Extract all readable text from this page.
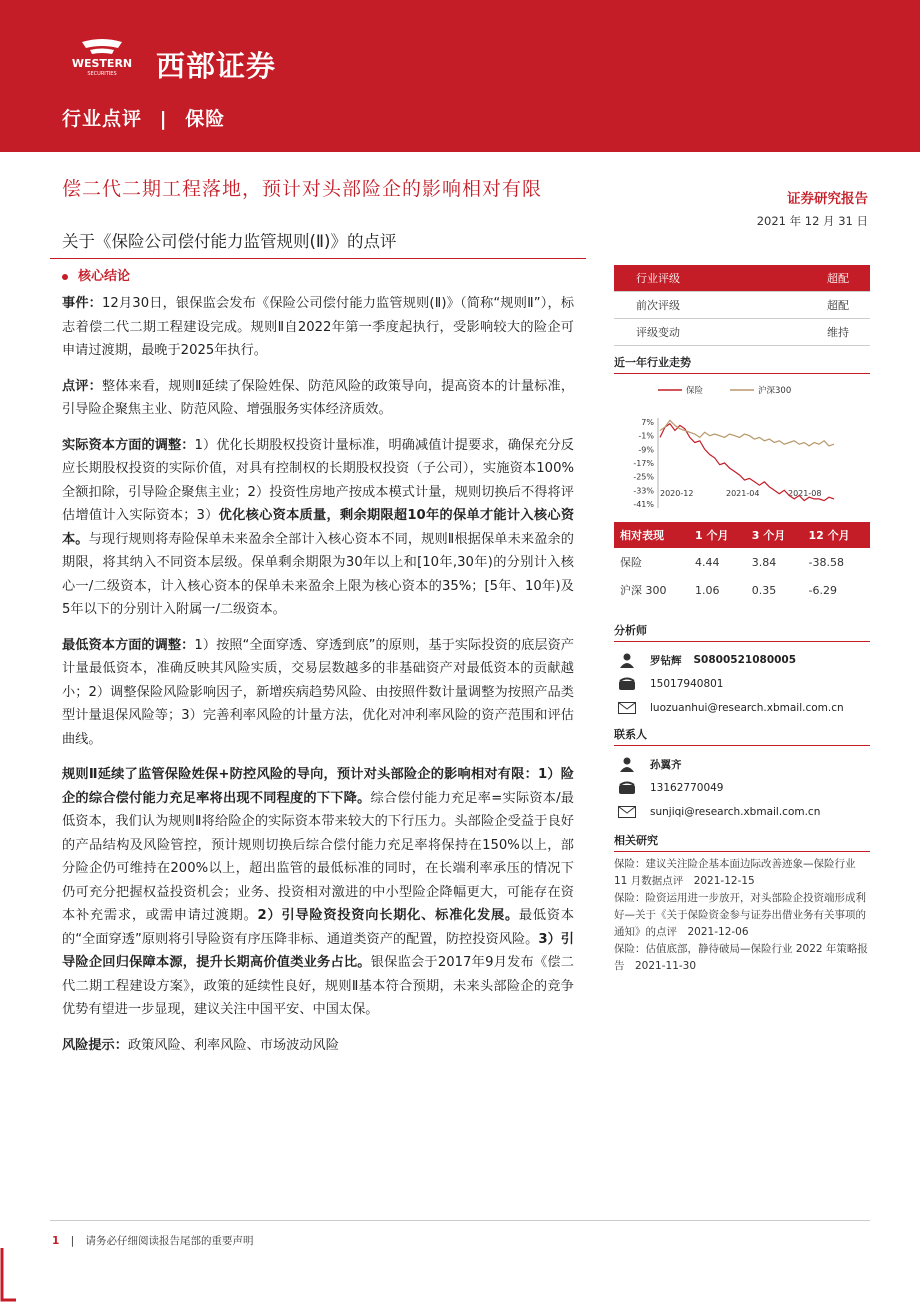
WESTERN
SECURITIES 西部证券
行业点评 | 保险
偿二代二期工程落地，预计对头部险企的影响相对有限
关于《保险公司偿付能力监管规则(Ⅱ)》的点评
证券研究报告
2021 年 12 月 31 日
核心结论

事件：12月30日，银保监会发布《保险公司偿付能力监管规则(Ⅱ)》（简称“规则Ⅱ”），标志着偿二代二期工程建设完成。规则Ⅱ自2022年第一季度起执行，受影响较大的险企可申请过渡期，最晚于2025年执行。

点评：整体来看，规则Ⅱ延续了保险姓保、防范风险的政策导向，提高资本的计量标准，引导险企聚焦主业、防范风险、增强服务实体经济质效。

实际资本方面的调整：1）优化长期股权投资计量标准，明确减值计提要求，确保充分反应长期股权投资的实际价值，对具有控制权的长期股权投资（子公司），实施资本100%全额扣除，引导险企聚焦主业；2）投资性房地产按成本模式计量，规则切换后不得将评估增值计入实际资本；3）优化核心资本质量，剩余期限超10年的保单才能计入核心资本。与现行规则将寿险保单未来盈余全部计入核心资本不同，规则Ⅱ根据保单未来盈余的期限，将其纳入不同资本层级。保单剩余期限为30年以上和[10年,30年)的分别计入核心一/二级资本，计入核心资本的保单未来盈余上限为核心资本的35%；[5年、10年)及5年以下的分别计入附属一/二级资本。

最低资本方面的调整：1）按照“全面穿透、穿透到底”的原则，基于实际投资的底层资产计量最低资本，准确反映其风险实质，交易层数越多的非基础资产对最低资本的贡献越小；2）调整保险风险影响因子，新增疾病趋势风险、由按照件数计量调整为按照产品类型计量退保风险等；3）完善利率风险的计量方法，优化对冲利率风险的资产范围和评估曲线。

规则Ⅱ延续了监管保险姓保+防控风险的导向，预计对头部险企的影响相对有限：1）险企的综合偿付能力充足率将出现不同程度的下下降。综合偿付能力充足率=实际资本/最低资本，我们认为规则Ⅱ将给险企的实际资本带来较大的下行压力。头部险企受益于良好的产品结构及风险管控，预计规则切换后综合偿付能力充足率将保持在150%以上，部分险企仍可维持在200%以上，超出监管的最低标准的同时，在长端利率承压的情况下仍可充分把握权益投资机会；业务、投资相对激进的中小型险企降幅更大，可能存在资本补充需求，或需申请过渡期。2）引导险资投资向长期化、标准化发展。最低资本的“全面穿透”原则将引导险资有序压降非标、通道类资产的配置，防控投资风险。3）引导险企回归保障本源，提升长期高价值类业务占比。银保监会于2017年9月发布《偿二代二期工程建设方案》，政策的延续性良好，规则Ⅱ基本符合预期，未来头部险企的竞争优势有望进一步显现，建议关注中国平安、中国太保。

风险提示：政策风险、利率风险、市场波动风险

行业评级	超配
前次评级	超配
评级变动	维持
近一年行业走势
保险	沪深300
7%
-1%
-9%
-17%
-25%
-33%
-41%
2020-12	2021-04	2021-08
相对表现	1 个月	3 个月	12 个月
保险	4.44	3.84	-38.58
沪深 300	1.06	0.35	-6.29
分析师
罗钻辉 S0800521080005
15017940801
luozuanhui@research.xbmail.com.cn
联系人
孙翼齐
13162770049
sunjiqi@research.xbmail.com.cn
相关研究

保险：建议关注险企基本面边际改善迹象—保险行业 11 月数据点评　2021-12-15

保险：险资运用进一步放开，对头部险企投资端形成利好—关于《关于保险资金参与证券出借业务有关事项的通知》的点评　2021-12-06

保险：估值底部，静待破局—保险行业 2022 年策略报告　2021-11-30

1 | 请务必仔细阅读报告尾部的重要声明
